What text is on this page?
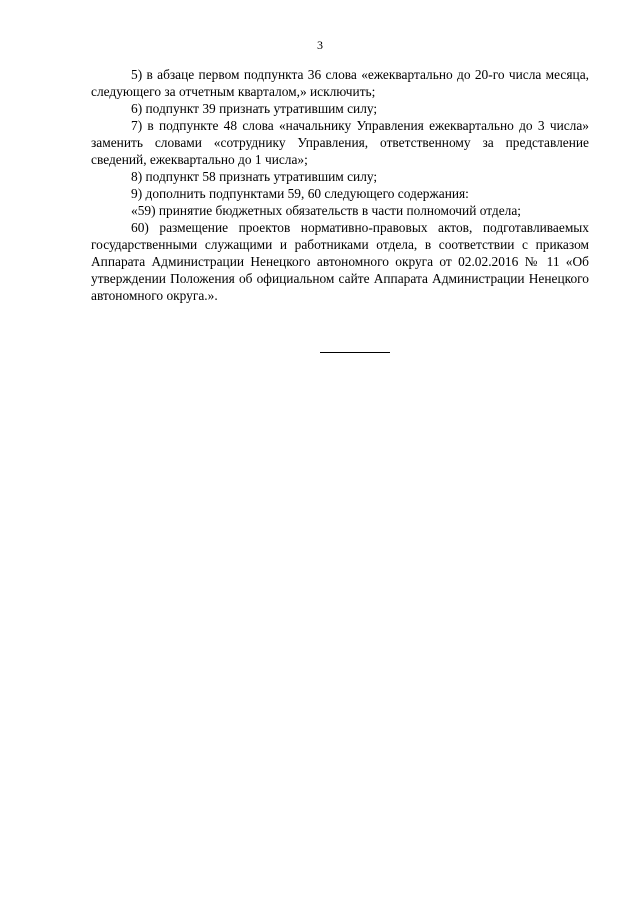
3

5) в абзаце первом подпункта 36 слова «ежеквартально до 20-го числа месяца, следующего за отчетным кварталом,» исключить;

6) подпункт 39 признать утратившим силу;

7) в подпункте 48 слова «начальнику Управления ежеквартально до 3 числа» заменить словами «сотруднику Управления, ответственному за представление сведений, ежеквартально до 1 числа»;

8) подпункт 58 признать утратившим силу;

9) дополнить подпунктами 59, 60 следующего содержания:

«59) принятие бюджетных обязательств в части полномочий отдела;

60) размещение проектов нормативно-правовых актов, подготавливаемых государственными служащими и работниками отдела, в соответствии с приказом Аппарата Администрации Ненецкого автономного округа от 02.02.2016 № 11 «Об утверждении Положения об официальном сайте Аппарата Администрации Ненецкого автономного округа.».
